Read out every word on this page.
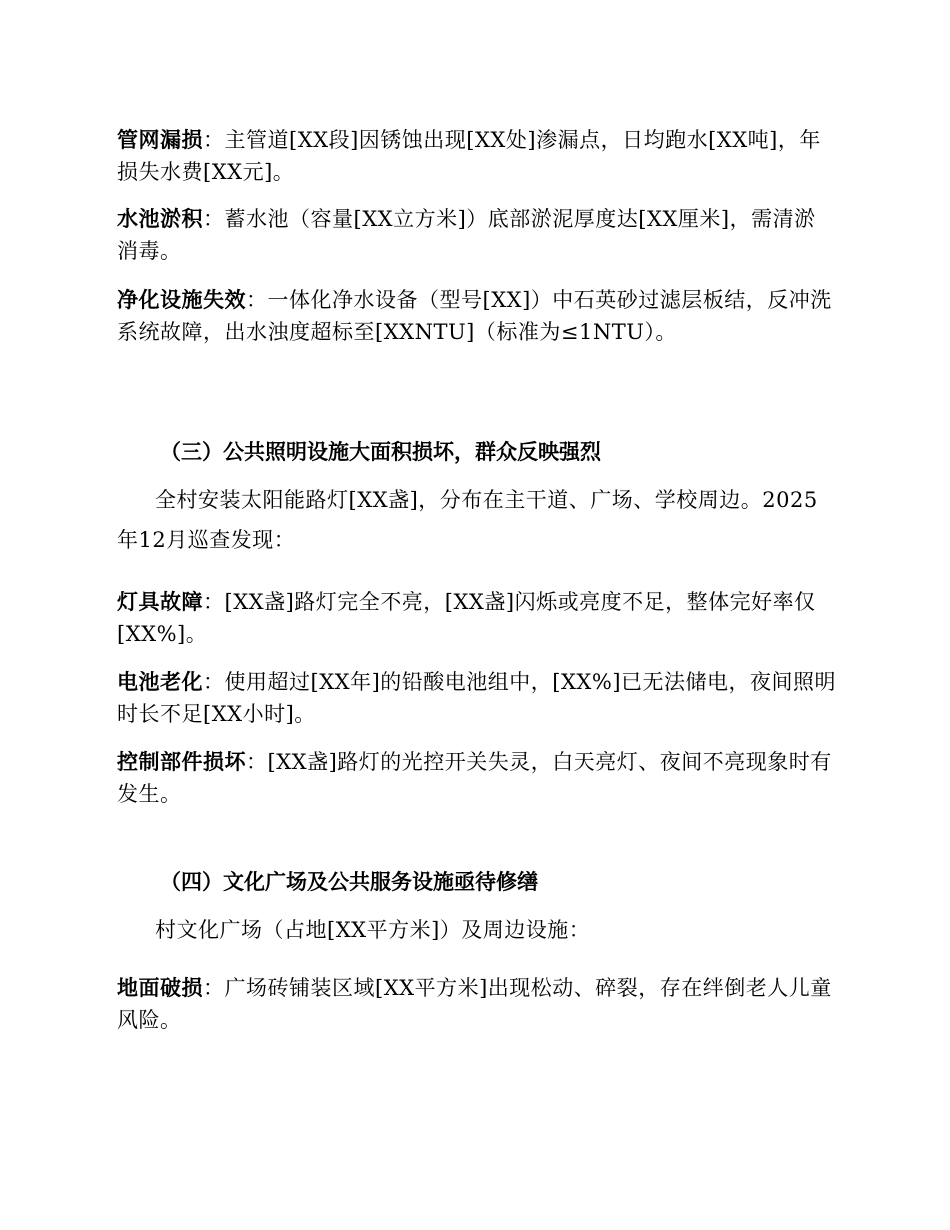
管网漏损：主管道[XX段]因锈蚀出现[XX处]渗漏点，日均跑水[XX吨]，年损失水费[XX元]。

水池淤积：蓄水池（容量[XX立方米]）底部淤泥厚度达[XX厘米]，需清淤消毒。

净化设施失效：一体化净水设备（型号[XX]）中石英砂过滤层板结，反冲洗系统故障，出水浊度超标至[XXNTU]（标准为≤1NTU）。

（三）公共照明设施大面积损坏，群众反映强烈

全村安装太阳能路灯[XX盏]，分布在主干道、广场、学校周边。2025年12月巡查发现：

灯具故障：[XX盏]路灯完全不亮，[XX盏]闪烁或亮度不足，整体完好率仅[XX%]。

电池老化：使用超过[XX年]的铅酸电池组中，[XX%]已无法储电，夜间照明时长不足[XX小时]。

控制部件损坏：[XX盏]路灯的光控开关失灵，白天亮灯、夜间不亮现象时有发生。

（四）文化广场及公共服务设施亟待修缮

村文化广场（占地[XX平方米]）及周边设施：

地面破损：广场砖铺装区域[XX平方米]出现松动、碎裂，存在绊倒老人儿童风险。
